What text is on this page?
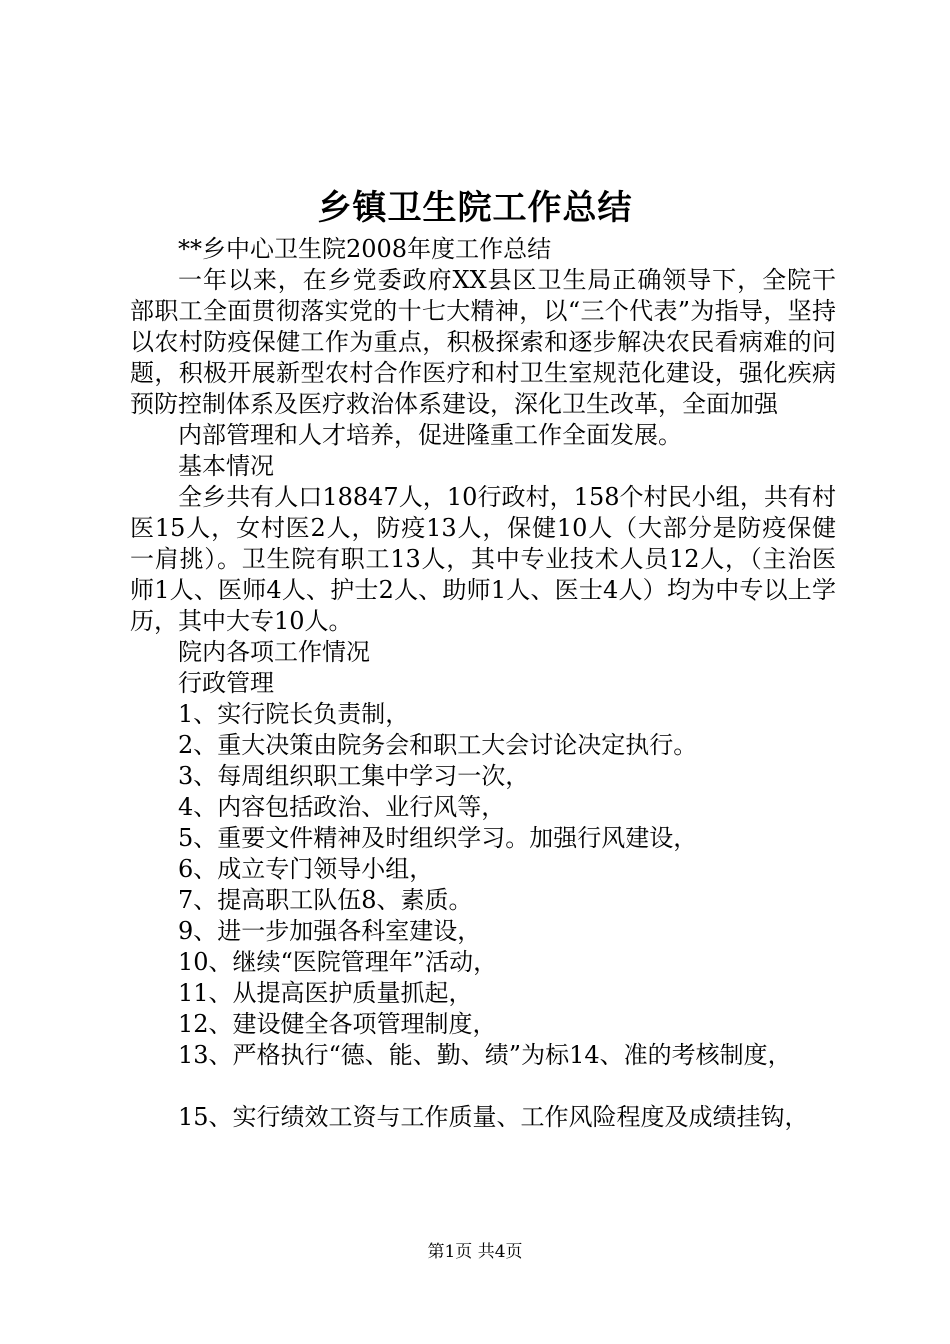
乡镇卫生院工作总结

**乡中心卫生院2008年度工作总结

一年以来，在乡党委政府XX县区卫生局正确领导下，全院干部职工全面贯彻落实党的十七大精神，以“三个代表”为指导，坚持以农村防疫保健工作为重点，积极探索和逐步解决农民看病难的问题，积极开展新型农村合作医疗和村卫生室规范化建设，强化疾病预防控制体系及医疗救治体系建设，深化卫生改革，全面加强

内部管理和人才培养，促进隆重工作全面发展。

基本情况

全乡共有人口18847人，10行政村，158个村民小组，共有村医15人，女村医2人，防疫13人，保健10人（大部分是防疫保健一肩挑）。卫生院有职工13人，其中专业技术人员12人，（主治医师1人、医师4人、护士2人、助师1人、医士4人）均为中专以上学历，其中大专10人。

院内各项工作情况

行政管理

1、实行院长负责制，

2、重大决策由院务会和职工大会讨论决定执行。

3、每周组织职工集中学习一次，

4、内容包括政治、业行风等，

5、重要文件精神及时组织学习。加强行风建设，

6、成立专门领导小组，

7、提高职工队伍8、素质。

9、进一步加强各科室建设，

10、继续“医院管理年”活动，

11、从提高医护质量抓起，

12、建设健全各项管理制度，

13、严格执行“德、能、勤、绩”为标14、准的考核制度，

15、实行绩效工资与工作质量、工作风险程度及成绩挂钩，

第1页 共4页
